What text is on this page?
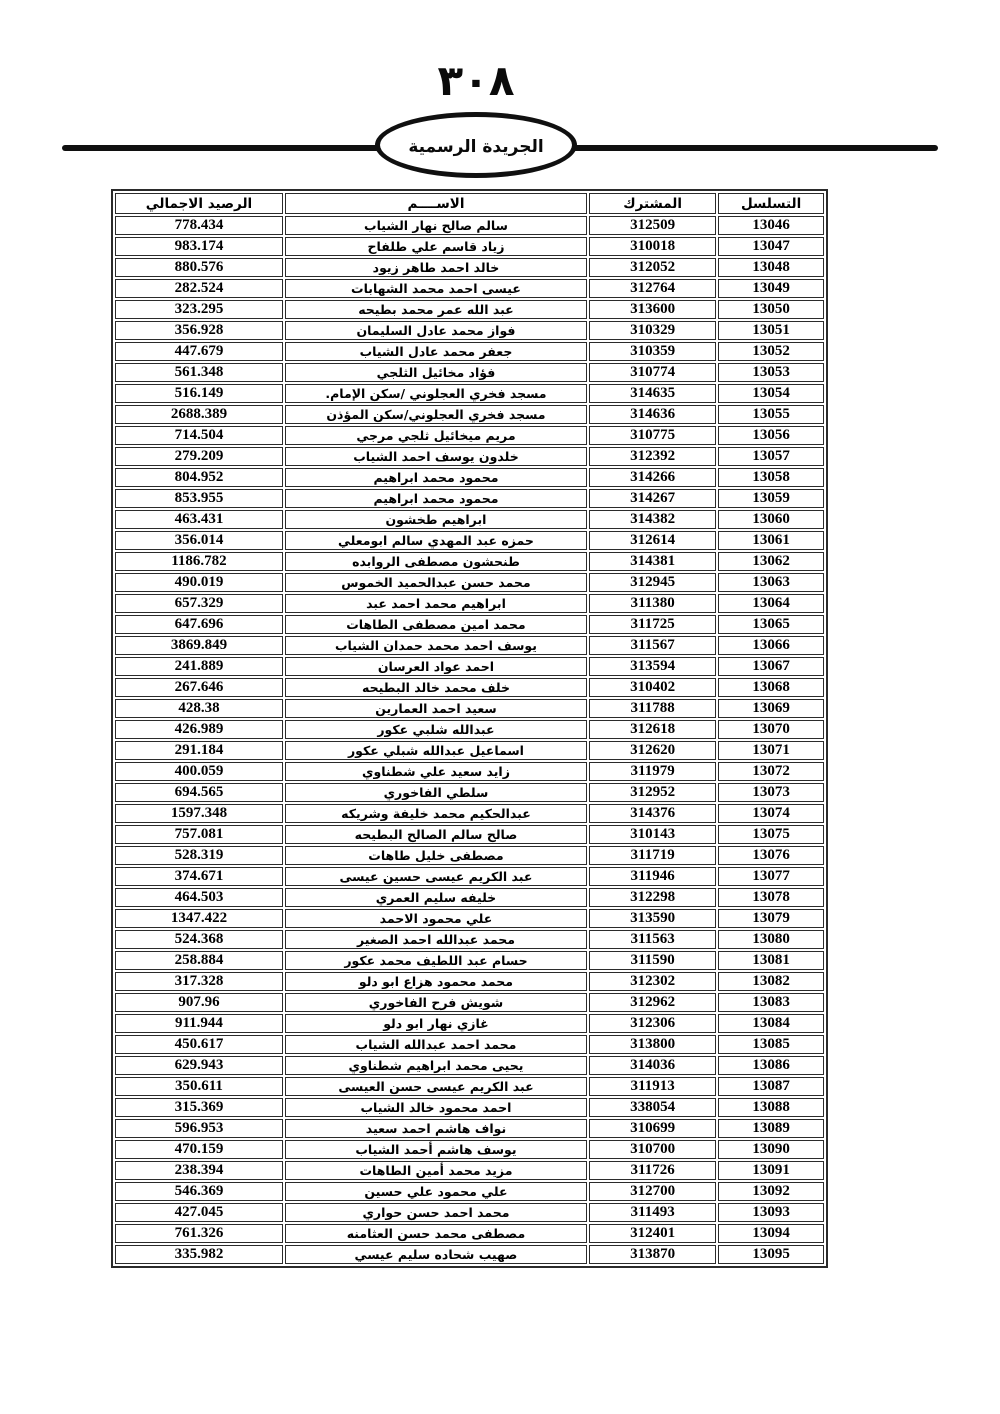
٣٠٨
الجريدة الرسمية
التسلسل	المشترك	الاســــم	الرصيد الاجمالي
13046	312509	سالم صالح نهار الشياب	778.434
13047	310018	زياد قاسم علي طلفاح	983.174
13048	312052	خالد احمد طاهر زيود	880.576
13049	312764	عيسى احمد محمد الشهابات	282.524
13050	313600	عبد الله عمر محمد بطيحه	323.295
13051	310329	فواز محمد عادل السليمان	356.928
13052	310359	جعفر محمد عادل الشياب	447.679
13053	310774	فؤاد مخائيل الثلجي	561.348
13054	314635	مسجد فخري العجلوني /سكن الإمام.	516.149
13055	314636	مسجد فخري العجلوني/سكن المؤذن	2688.389
13056	310775	مريم ميخائيل ثلجي مرجي	714.504
13057	312392	خلدون يوسف احمد الشياب	279.209
13058	314266	محمود محمد ابراهيم	804.952
13059	314267	محمود محمد ابراهيم	853.955
13060	314382	ابراهيم طخشون	463.431
13061	312614	حمزه عبد المهدي سالم ابومعلي	356.014
13062	314381	طنحشون مصطفى الروابده	1186.782
13063	312945	محمد حسن عبدالحميد الخموس	490.019
13064	311380	ابراهيم محمد احمد عبد	657.329
13065	311725	محمد امين مصطفى الطاهات	647.696
13066	311567	يوسف احمد محمد حمدان الشياب	3869.849
13067	313594	احمد عواد العرسان	241.889
13068	310402	خلف محمد خالد البطيحه	267.646
13069	311788	سعيد احمد العمارين	428.38
13070	312618	عبدالله شلبي عكور	426.989
13071	312620	اسماعيل عبدالله شبلي عكور	291.184
13072	311979	زايد سعيد علي شطناوي	400.059
13073	312952	سلطي الفاخوري	694.565
13074	314376	عبدالحكيم محمد خليفة وشريكه	1597.348
13075	310143	صالح سالم الصالح البطيحه	757.081
13076	311719	مصطفى خليل طاهات	528.319
13077	311946	عبد الكريم عيسى حسين عيسى	374.671
13078	312298	خليفه سليم العمري	464.503
13079	313590	علي محمود الاحمد	1347.422
13080	311563	محمد عبدالله احمد الصغير	524.368
13081	311590	حسام عبد اللطيف محمد عكور	258.884
13082	312302	محمد محمود هزاع ابو دلو	317.328
13083	312962	شويش فرح الفاخوري	907.96
13084	312306	غازي نهار ابو دلو	911.944
13085	313800	محمد احمد عبدالله الشياب	450.617
13086	314036	يحيى محمد ابراهيم شطناوي	629.943
13087	311913	عبد الكريم عيسى حسن العيسى	350.611
13088	338054	احمد محمود خالد الشياب	315.369
13089	310699	نواف هاشم احمد سعيد	596.953
13090	310700	يوسف هاشم أحمد الشياب	470.159
13091	311726	مزيد محمد أمين الطاهات	238.394
13092	312700	علي محمود علي حسين	546.369
13093	311493	محمد احمد حسن حواري	427.045
13094	312401	مصطفى محمد حسن العثامنه	761.326
13095	313870	صهيب شحاده سليم عيسي	335.982
